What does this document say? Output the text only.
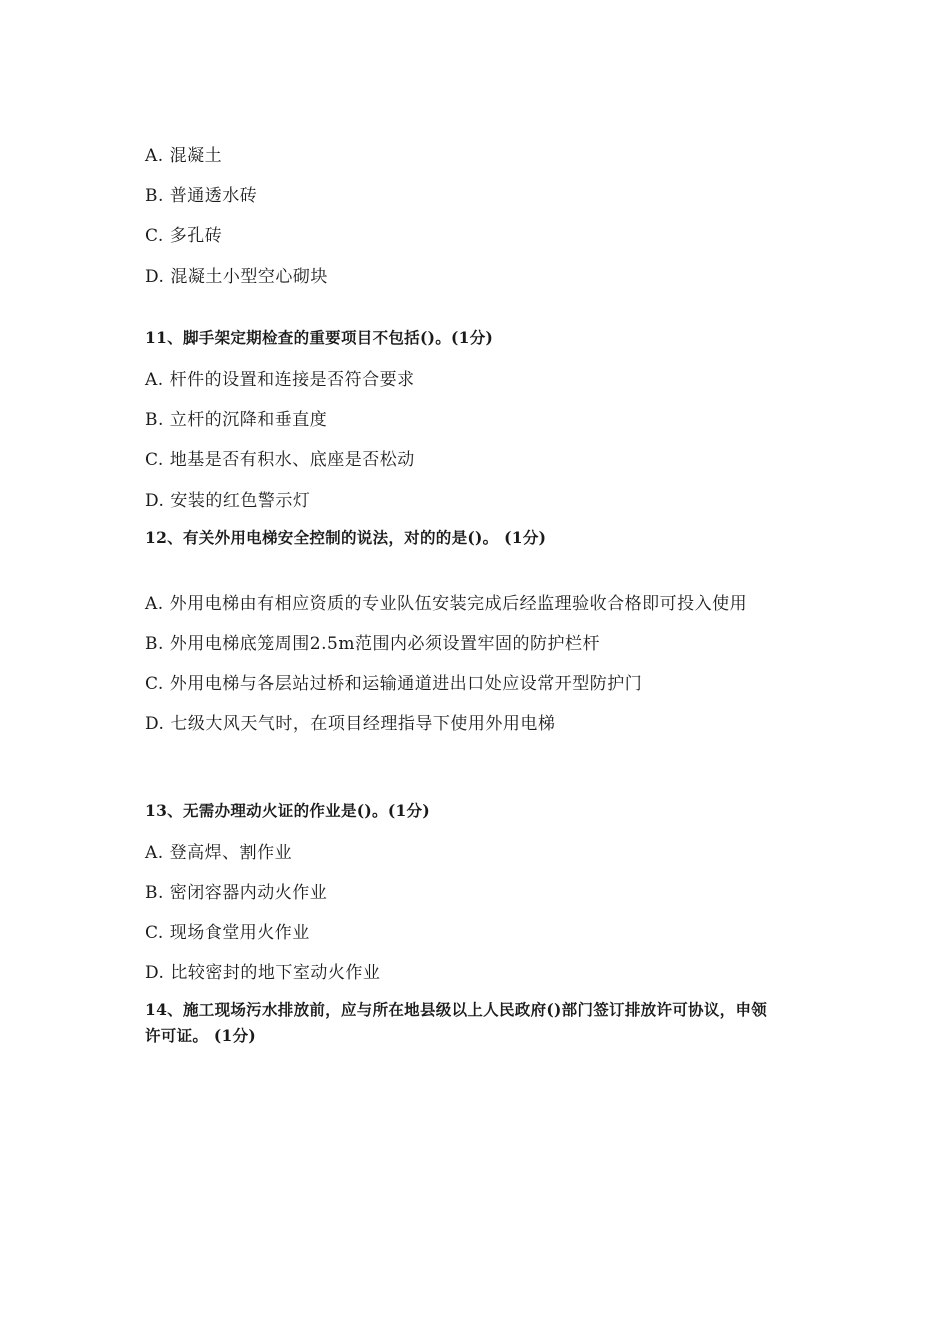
A. 混凝土
B. 普通透水砖
C. 多孔砖
D. 混凝土小型空心砌块
11、脚手架定期检查的重要项目不包括()。(1分)
A. 杆件的设置和连接是否符合要求
B. 立杆的沉降和垂直度
C. 地基是否有积水、底座是否松动
D. 安装的红色警示灯
12、有关外用电梯安全控制的说法，对的的是()。 (1分)
A. 外用电梯由有相应资质的专业队伍安装完成后经监理验收合格即可投入使用
B. 外用电梯底笼周围2.5m范围内必须设置牢固的防护栏杆
C. 外用电梯与各层站过桥和运输通道进出口处应设常开型防护门
D. 七级大风天气时，在项目经理指导下使用外用电梯
13、无需办理动火证的作业是()。(1分)
A. 登高焊、割作业
B. 密闭容器内动火作业
C. 现场食堂用火作业
D. 比较密封的地下室动火作业
14、施工现场污水排放前，应与所在地县级以上人民政府()部门签订排放许可协议，申领
许可证。 (1分)
